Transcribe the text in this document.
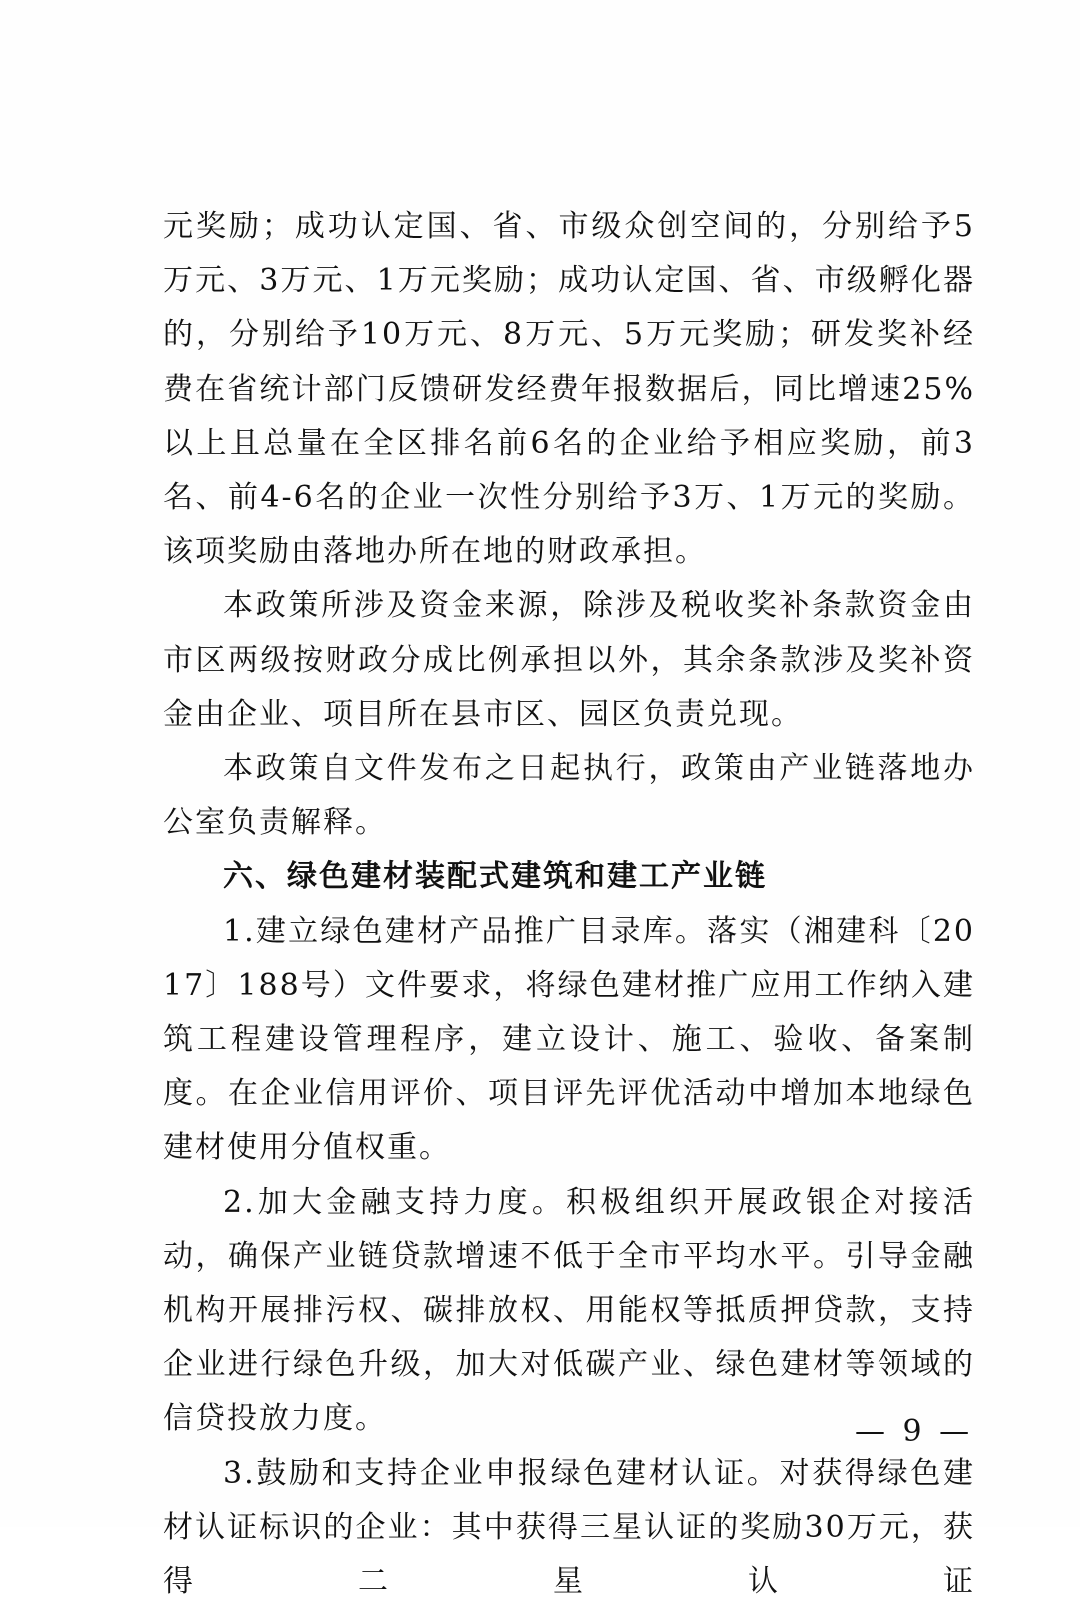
元奖励；成功认定国、省、市级众创空间的，分别给予5万元、3万元、1万元奖励；成功认定国、省、市级孵化器的，分别给予10万元、8万元、5万元奖励；研发奖补经费在省统计部门反馈研发经费年报数据后，同比增速25%以上且总量在全区排名前6名的企业给予相应奖励，前3名、前4-6名的企业一次性分别给予3万、1万元的奖励。该项奖励由落地办所在地的财政承担。

本政策所涉及资金来源，除涉及税收奖补条款资金由市区两级按财政分成比例承担以外，其余条款涉及奖补资金由企业、项目所在县市区、园区负责兑现。

本政策自文件发布之日起执行，政策由产业链落地办公室负责解释。

六、绿色建材装配式建筑和建工产业链

1.建立绿色建材产品推广目录库。落实（湘建科〔2017〕188号）文件要求，将绿色建材推广应用工作纳入建筑工程建设管理程序，建立设计、施工、验收、备案制度。在企业信用评价、项目评先评优活动中增加本地绿色建材使用分值权重。

2.加大金融支持力度。积极组织开展政银企对接活动，确保产业链贷款增速不低于全市平均水平。引导金融机构开展排污权、碳排放权、用能权等抵质押贷款，支持企业进行绿色升级，加大对低碳产业、绿色建材等领域的信贷投放力度。

3.鼓励和支持企业申报绿色建材认证。对获得绿色建材认证标识的企业：其中获得三星认证的奖励30万元，获得二星认证

— 9 —
